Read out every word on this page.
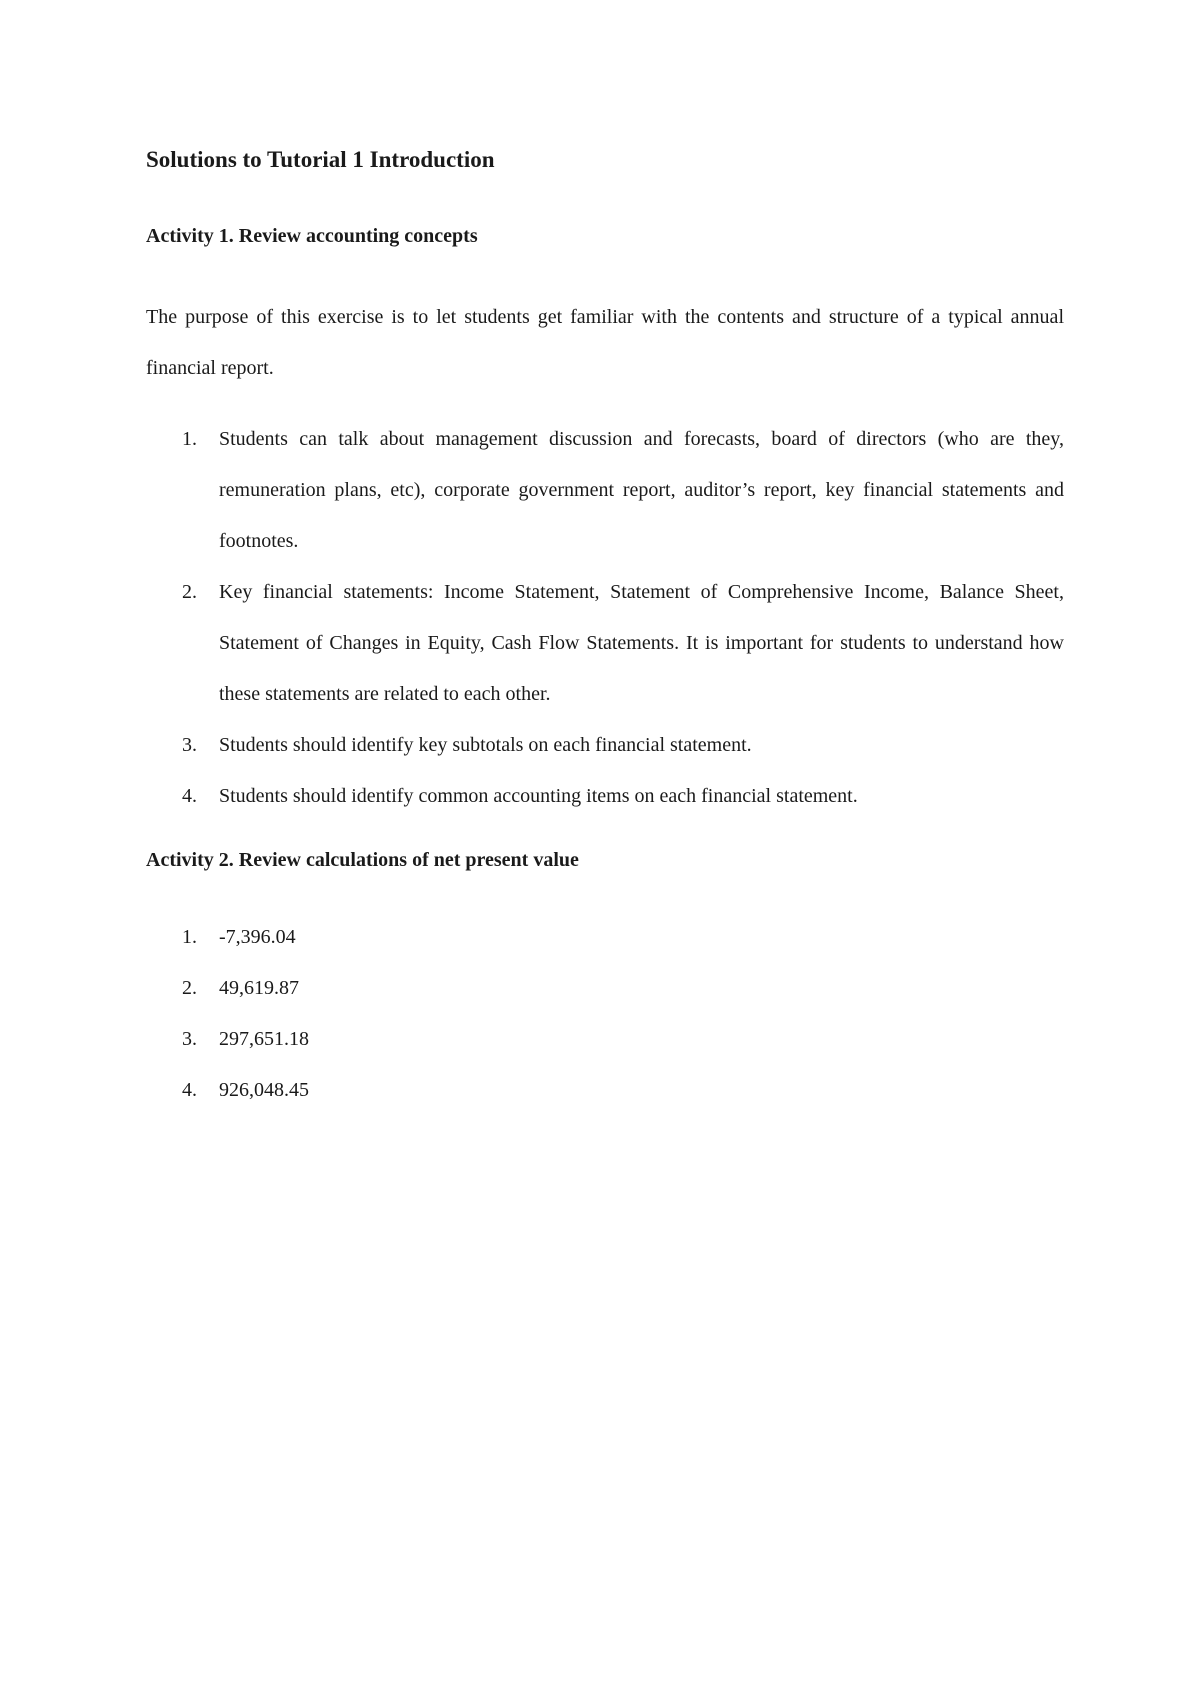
Solutions to Tutorial 1 Introduction
Activity 1. Review accounting concepts

The purpose of this exercise is to let students get familiar with the contents and structure of a typical annual financial report.

1.	Students can talk about management discussion and forecasts, board of directors (who are they, remuneration plans, etc), corporate government report, auditor’s report, key financial statements and footnotes.
2.	Key financial statements: Income Statement, Statement of Comprehensive Income, Balance Sheet, Statement of Changes in Equity, Cash Flow Statements. It is important for students to understand how these statements are related to each other.
3.	Students should identify key subtotals on each financial statement.
4.	Students should identify common accounting items on each financial statement.
Activity 2. Review calculations of net present value
1.	-7,396.04
2.	49,619.87
3.	297,651.18
4.	926,048.45
